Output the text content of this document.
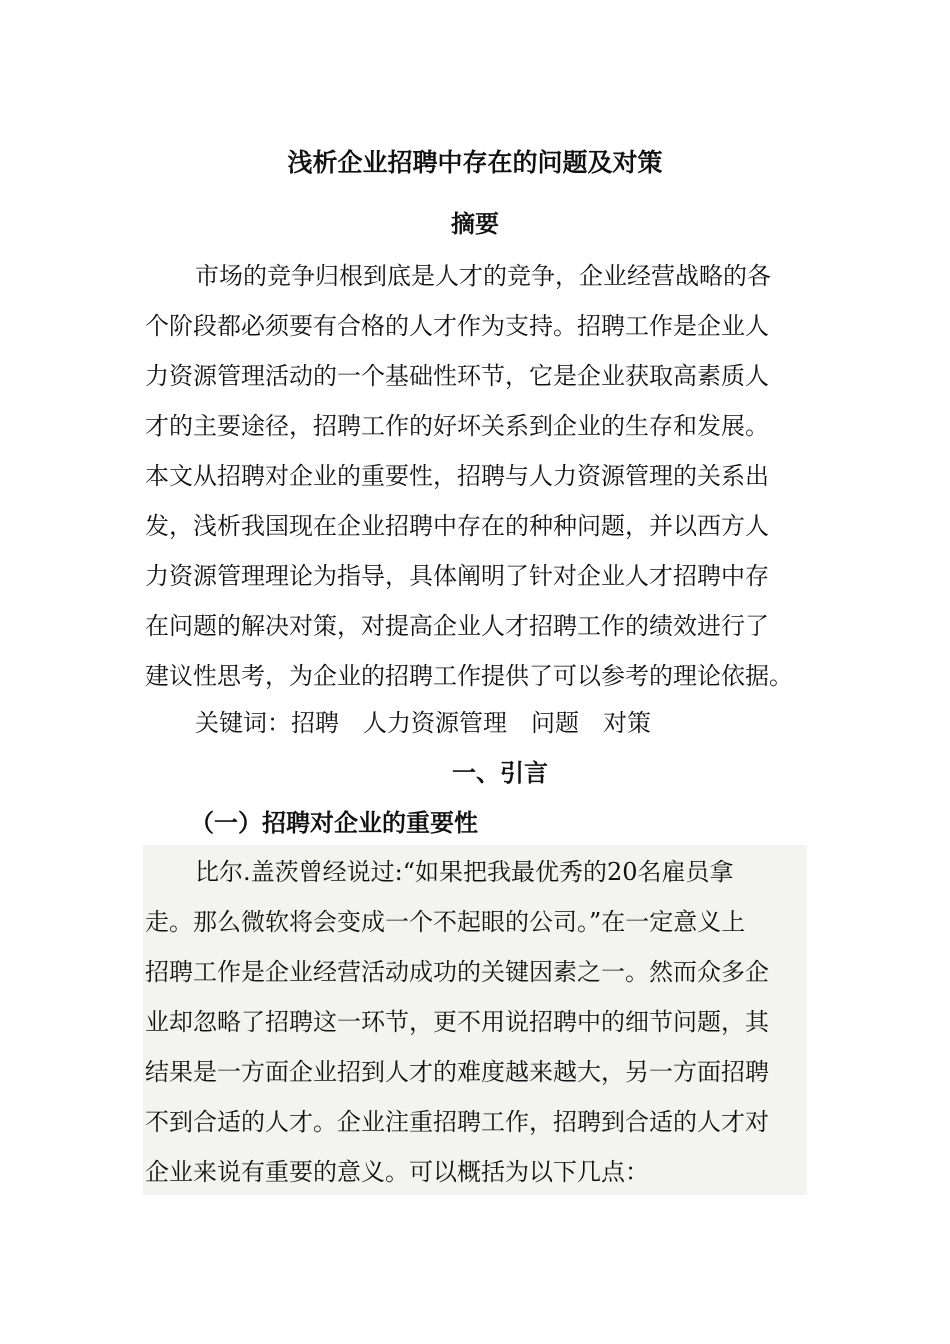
浅析企业招聘中存在的问题及对策
摘要
市场的竞争归根到底是人才的竞争，企业经营战略的各
个阶段都必须要有合格的人才作为支持。招聘工作是企业人
力资源管理活动的一个基础性环节，它是企业获取高素质人
才的主要途径，招聘工作的好坏关系到企业的生存和发展。
本文从招聘对企业的重要性，招聘与人力资源管理的关系出
发，浅析我国现在企业招聘中存在的种种问题，并以西方人
力资源管理理论为指导，具体阐明了针对企业人才招聘中存
在问题的解决对策，对提高企业人才招聘工作的绩效进行了
建议性思考，为企业的招聘工作提供了可以参考的理论依据。

关键词：招聘　人力资源管理　问题　对策

一、引言
（一）招聘对企业的重要性
比尔.盖茨曾经说过:“如果把我最优秀的20名雇员拿
走。那么微软将会变成一个不起眼的公司。”在一定意义上
招聘工作是企业经营活动成功的关键因素之一。然而众多企
业却忽略了招聘这一环节，更不用说招聘中的细节问题，其
结果是一方面企业招到人才的难度越来越大，另一方面招聘
不到合适的人才。企业注重招聘工作，招聘到合适的人才对
企业来说有重要的意义。可以概括为以下几点：
